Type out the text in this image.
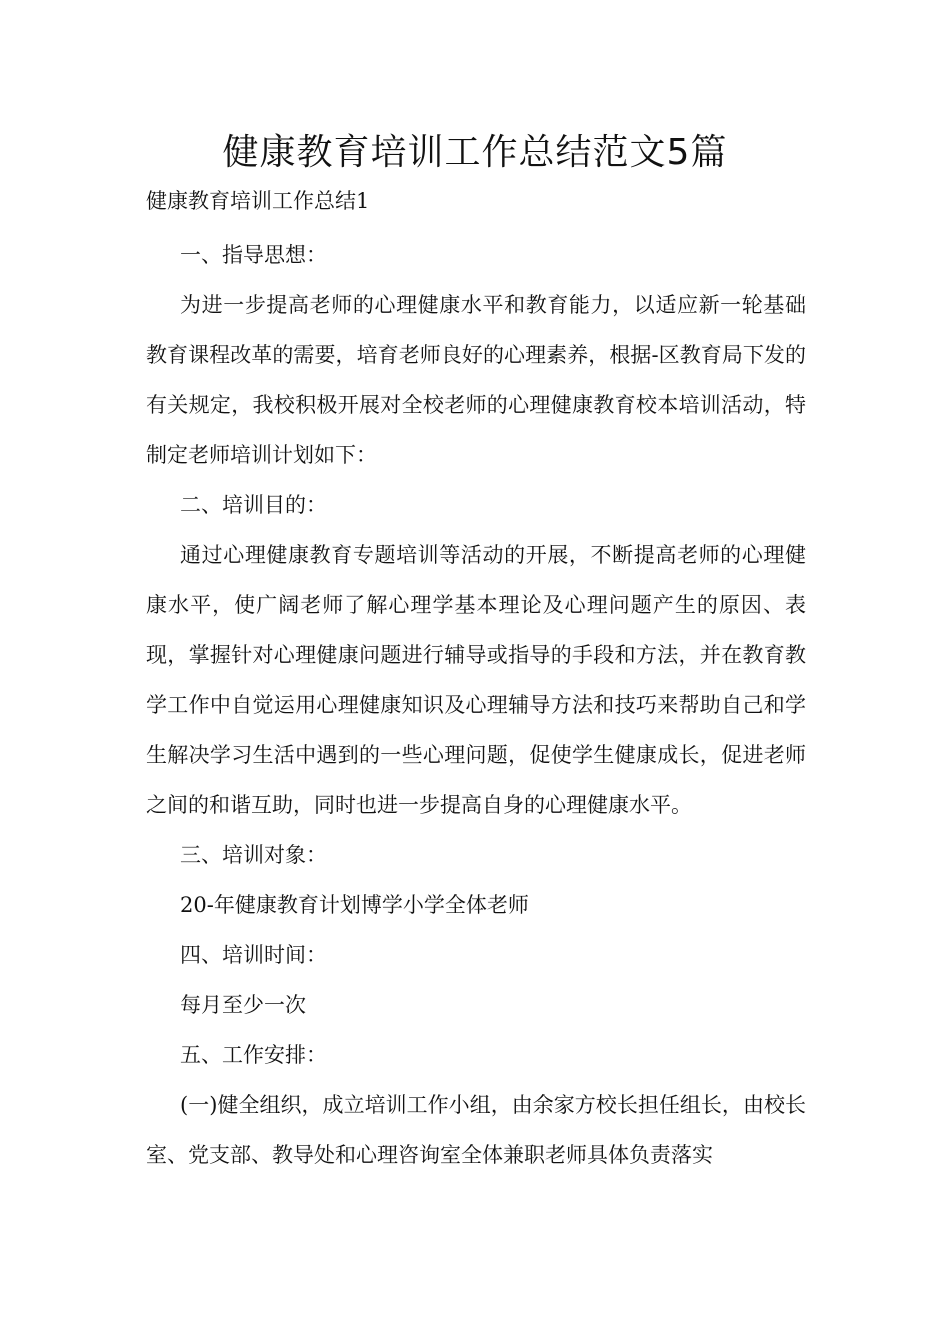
健康教育培训工作总结范文5篇

健康教育培训工作总结1

一、指导思想：

为进一步提高老师的心理健康水平和教育能力，以适应新一轮基础教育课程改革的需要，培育老师良好的心理素养，根据-区教育局下发的有关规定，我校积极开展对全校老师的心理健康教育校本培训活动，特制定老师培训计划如下：

二、培训目的：

通过心理健康教育专题培训等活动的开展，不断提高老师的心理健康水平，使广阔老师了解心理学基本理论及心理问题产生的原因、表现，掌握针对心理健康问题进行辅导或指导的手段和方法，并在教育教学工作中自觉运用心理健康知识及心理辅导方法和技巧来帮助自己和学生解决学习生活中遇到的一些心理问题，促使学生健康成长，促进老师之间的和谐互助，同时也进一步提高自身的心理健康水平。

三、培训对象：

20-年健康教育计划博学小学全体老师

四、培训时间：

每月至少一次

五、工作安排：

(一)健全组织，成立培训工作小组，由余家方校长担任组长，由校长室、党支部、教导处和心理咨询室全体兼职老师具体负责落实
